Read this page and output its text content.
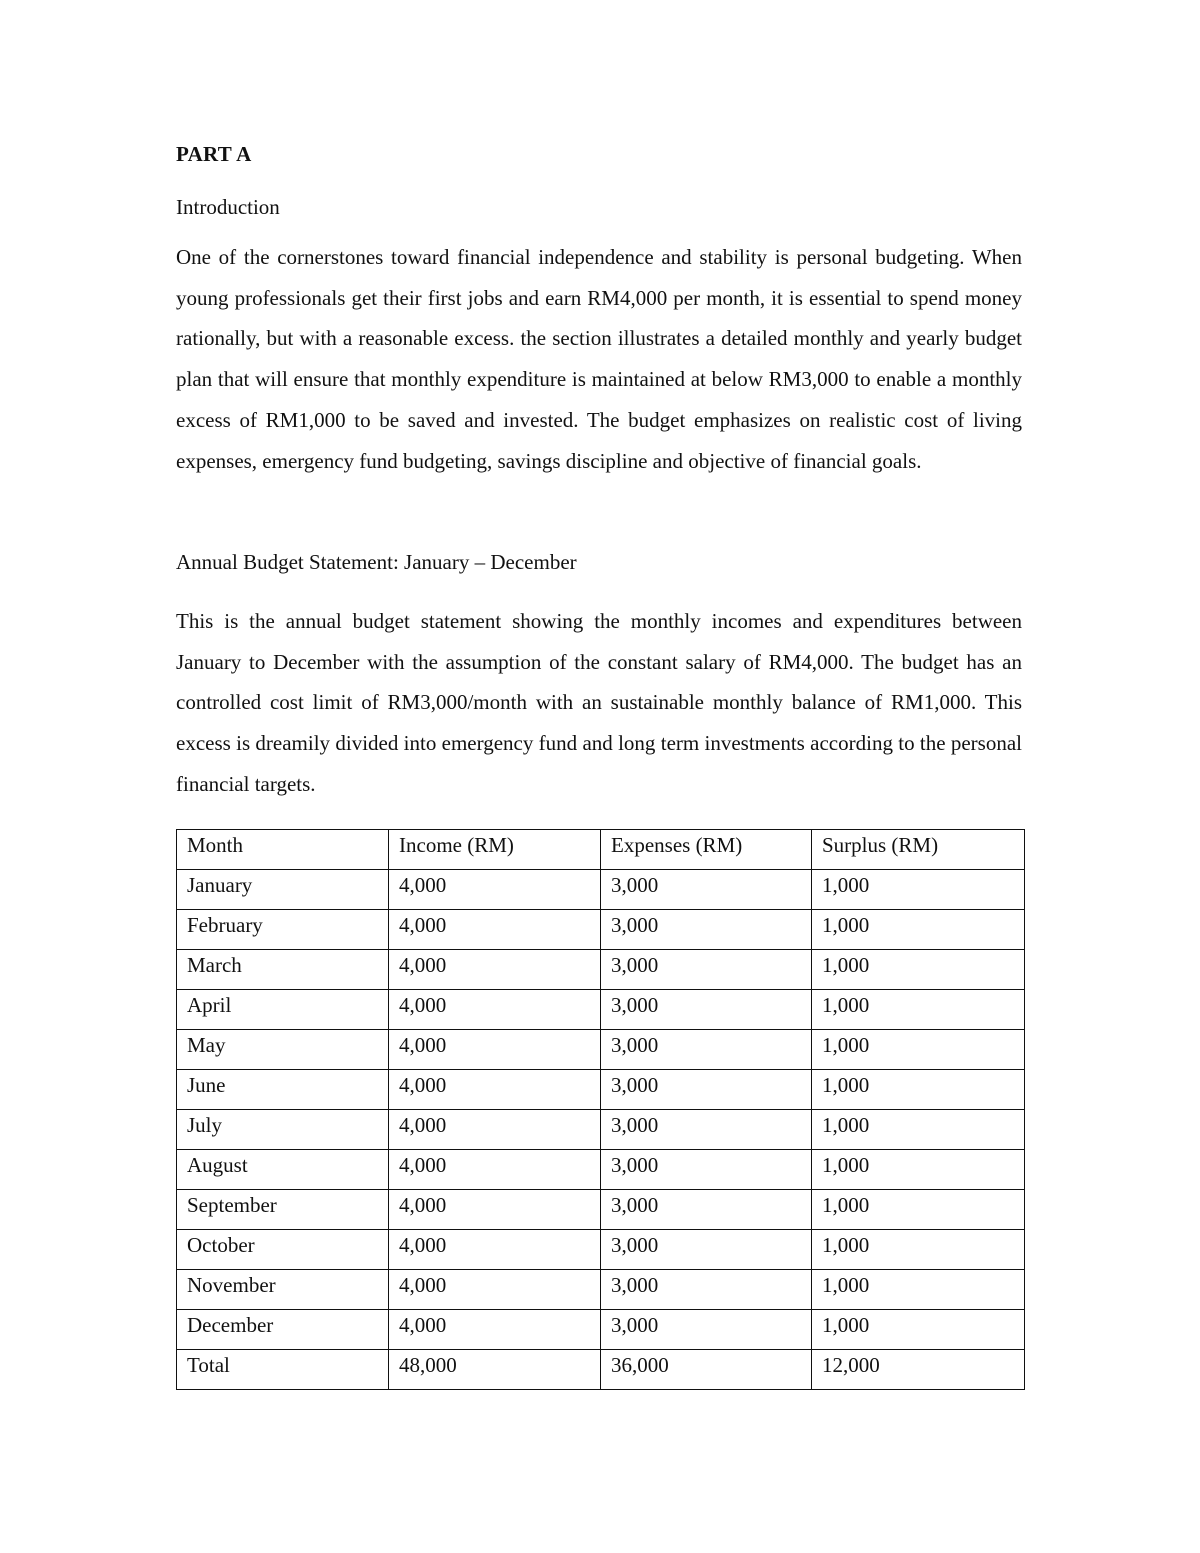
PART A
Introduction

One of the cornerstones toward financial independence and stability is personal budgeting. When young professionals get their first jobs and earn RM4,000 per month, it is essential to spend money rationally, but with a reasonable excess. the section illustrates a detailed monthly and yearly budget plan that will ensure that monthly expenditure is maintained at below RM3,000 to enable a monthly excess of RM1,000 to be saved and invested. The budget emphasizes on realistic cost of living expenses, emergency fund budgeting, savings discipline and objective of financial goals.

Annual Budget Statement: January – December

This is the annual budget statement showing the monthly incomes and expenditures between January to December with the assumption of the constant salary of RM4,000. The budget has an controlled cost limit of RM3,000/month with an sustainable monthly balance of RM1,000. This excess is dreamily divided into emergency fund and long term investments according to the personal financial targets.

Month	Income (RM)	Expenses (RM)	Surplus (RM)
January	4,000	3,000	1,000
February	4,000	3,000	1,000
March	4,000	3,000	1,000
April	4,000	3,000	1,000
May	4,000	3,000	1,000
June	4,000	3,000	1,000
July	4,000	3,000	1,000
August	4,000	3,000	1,000
September	4,000	3,000	1,000
October	4,000	3,000	1,000
November	4,000	3,000	1,000
December	4,000	3,000	1,000
Total	48,000	36,000	12,000
